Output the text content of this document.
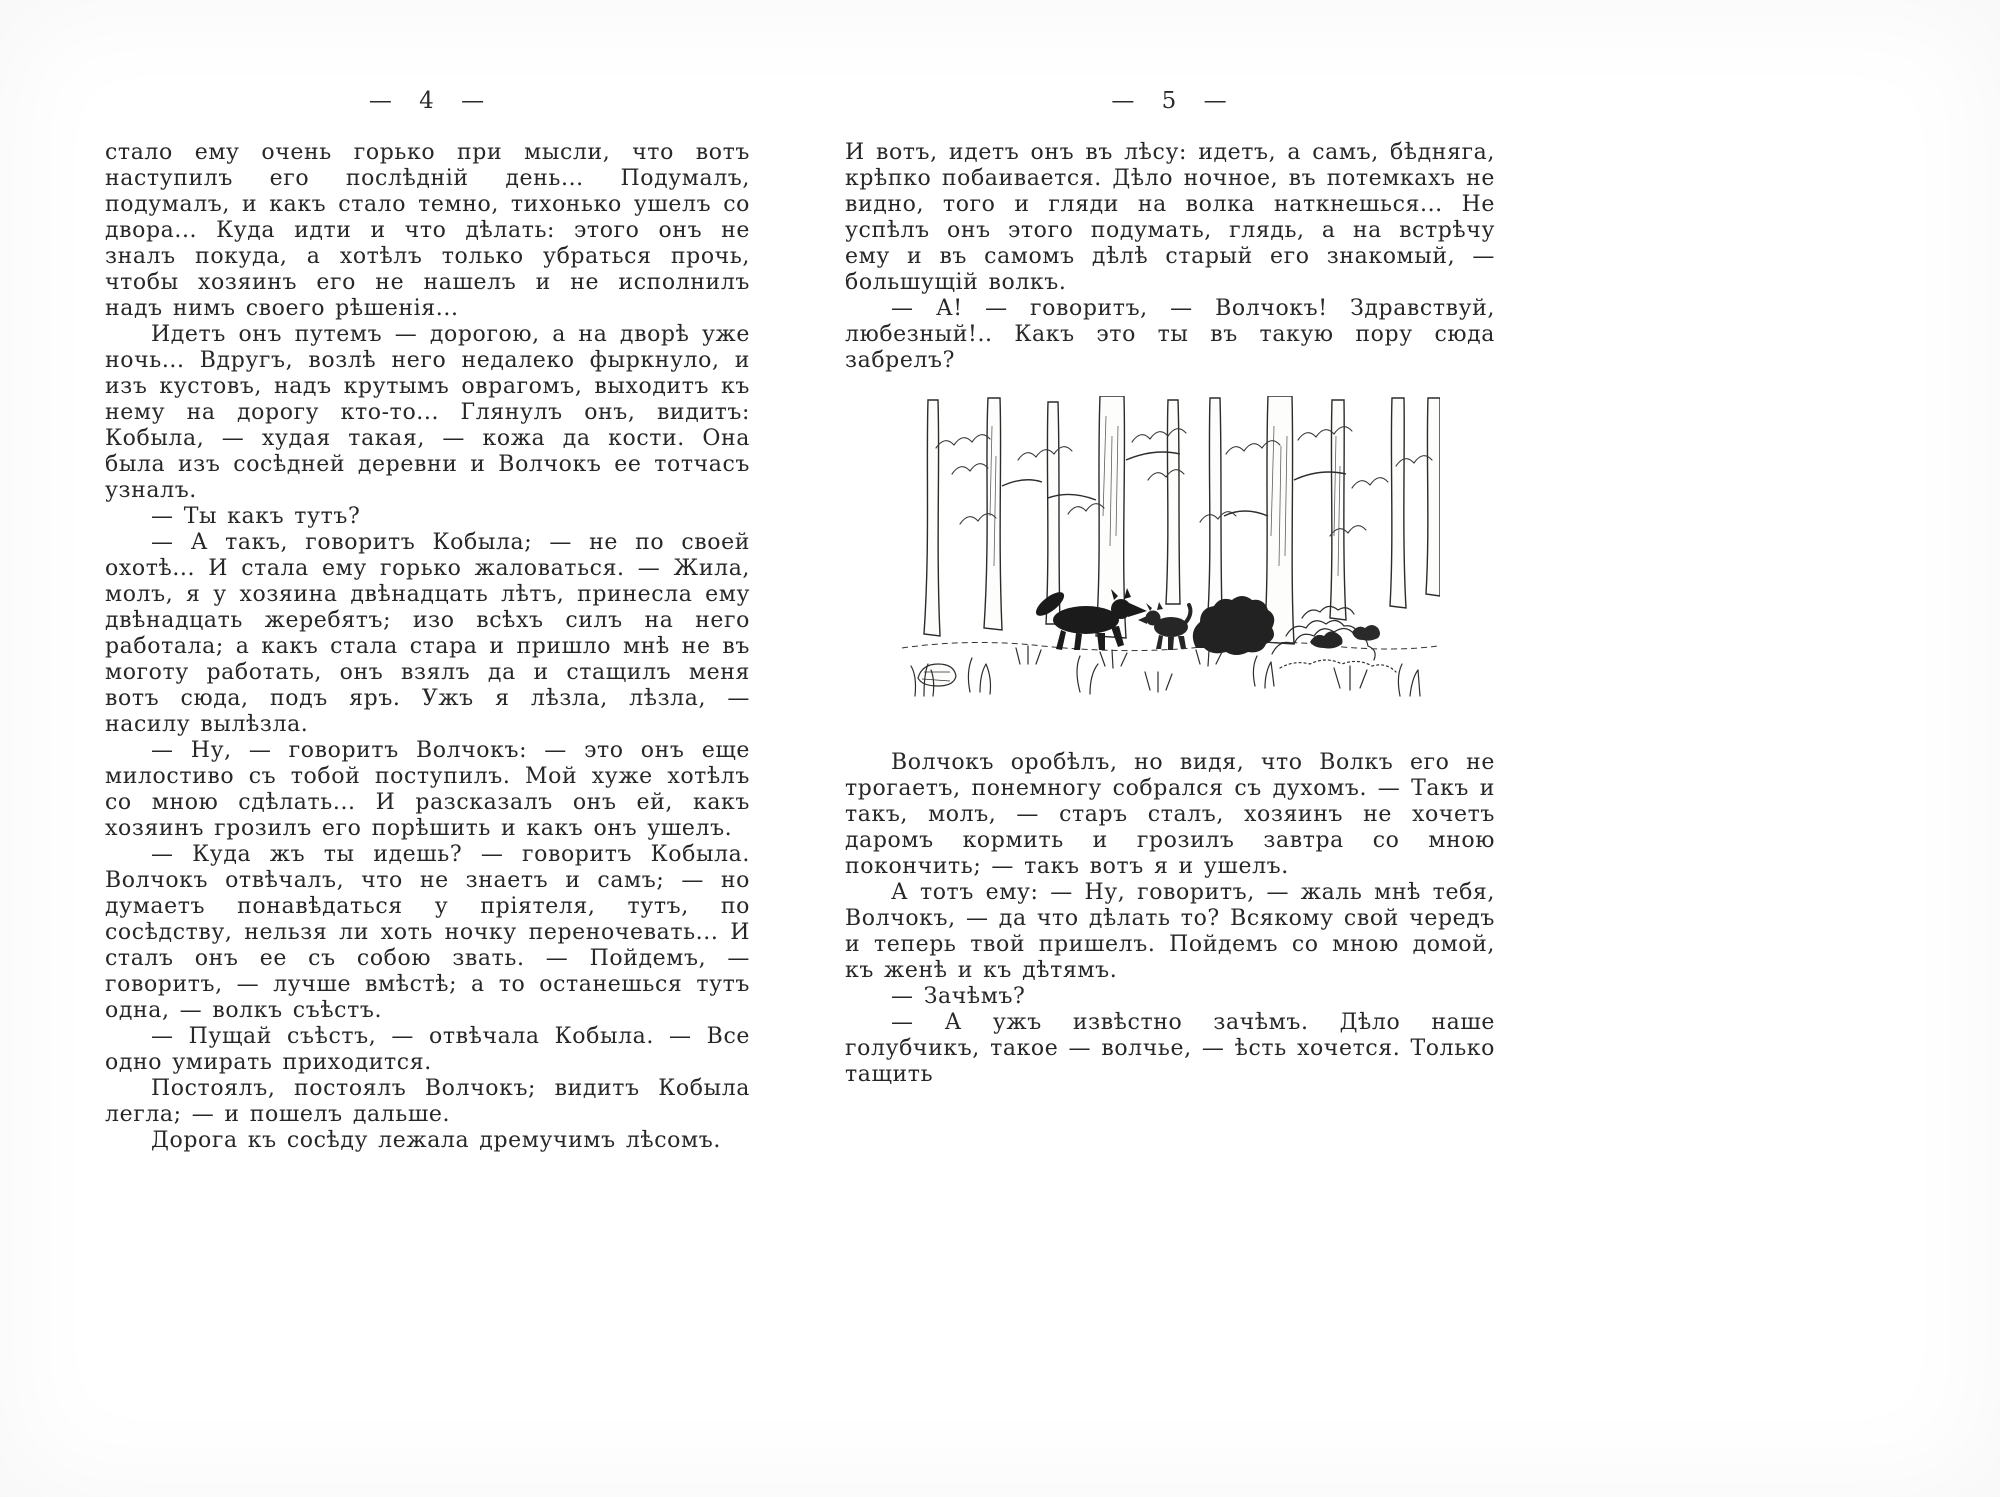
— 4 —

стало ему очень горько при мысли, что вотъ наступилъ его послѣдній день... Подумалъ, подумалъ, и какъ стало темно, тихонько ушелъ со двора... Куда идти и что дѣлать: этого онъ не зналъ покуда, а хотѣлъ только убраться прочь, чтобы хозяинъ его не нашелъ и не исполнилъ надъ нимъ своего рѣшенія...

Идетъ онъ путемъ — дорогою, а на дворѣ уже ночь... Вдругъ, возлѣ него недалеко фыркнуло, и изъ кустовъ, надъ крутымъ оврагомъ, выходитъ къ нему на дорогу кто-то... Глянулъ онъ, видитъ: Кобыла, — худая такая, — кожа да кости. Она была изъ сосѣдней деревни и Волчокъ ее тотчасъ узналъ.

— Ты какъ тутъ?

— А такъ, говоритъ Кобыла; — не по своей охотѣ... И стала ему горько жаловаться. — Жила, молъ, я у хозяина двѣнадцать лѣтъ, принесла ему двѣнадцать жеребятъ; изо всѣхъ силъ на него работала; а какъ стала стара и пришло мнѣ не въ моготу работать, онъ взялъ да и стащилъ меня вотъ сюда, подъ яръ. Ужъ я лѣзла, лѣзла, — насилу вылѣзла.

— Ну, — говоритъ Волчокъ: — это онъ еще милостиво съ тобой поступилъ. Мой хуже хотѣлъ со мною сдѣлать... И разсказалъ онъ ей, какъ хозяинъ грозилъ его порѣшить и какъ онъ ушелъ.

— Куда жъ ты идешь? — говоритъ Кобыла. Волчокъ отвѣчалъ, что не знаетъ и самъ; — но думаетъ понавѣдаться у пріятеля, тутъ, по сосѣдству, нельзя ли хоть ночку переночевать... И сталъ онъ ее съ собою звать. — Пойдемъ, — говоритъ, — лучше вмѣстѣ; а то останешься тутъ одна, — волкъ съѣстъ.

— Пущай съѣстъ, — отвѣчала Кобыла. — Все одно умирать приходится.

Постоялъ, постоялъ Волчокъ; видитъ Кобыла легла; — и пошелъ дальше.

Дорога къ сосѣду лежала дремучимъ лѣсомъ.

— 5 —

И вотъ, идетъ онъ въ лѣсу: идетъ, а самъ, бѣдняга, крѣпко побаивается. Дѣло ночное, въ потемкахъ не видно, того и гляди на волка наткнешься... Не успѣлъ онъ этого подумать, глядь, а на встрѣчу ему и въ самомъ дѣлѣ старый его знакомый, — большущій волкъ.

— А! — говоритъ, — Волчокъ! Здравствуй, любезный!.. Какъ это ты въ такую пору сюда забрелъ?

Волчокъ оробѣлъ, но видя, что Волкъ его не трогаетъ, понемногу собрался съ духомъ. — Такъ и такъ, молъ, — старъ сталъ, хозяинъ не хочетъ даромъ кормить и грозилъ завтра со мною покончить; — такъ вотъ я и ушелъ.

А тотъ ему: — Ну, говоритъ, — жаль мнѣ тебя, Волчокъ, — да что дѣлать то? Всякому свой чередъ и теперь твой пришелъ. Пойдемъ со мною домой, къ женѣ и къ дѣтямъ.

— Зачѣмъ?

— А ужъ извѣстно зачѣмъ. Дѣло наше голубчикъ, такое — волчье, — ѣсть хочется. Только тащить
